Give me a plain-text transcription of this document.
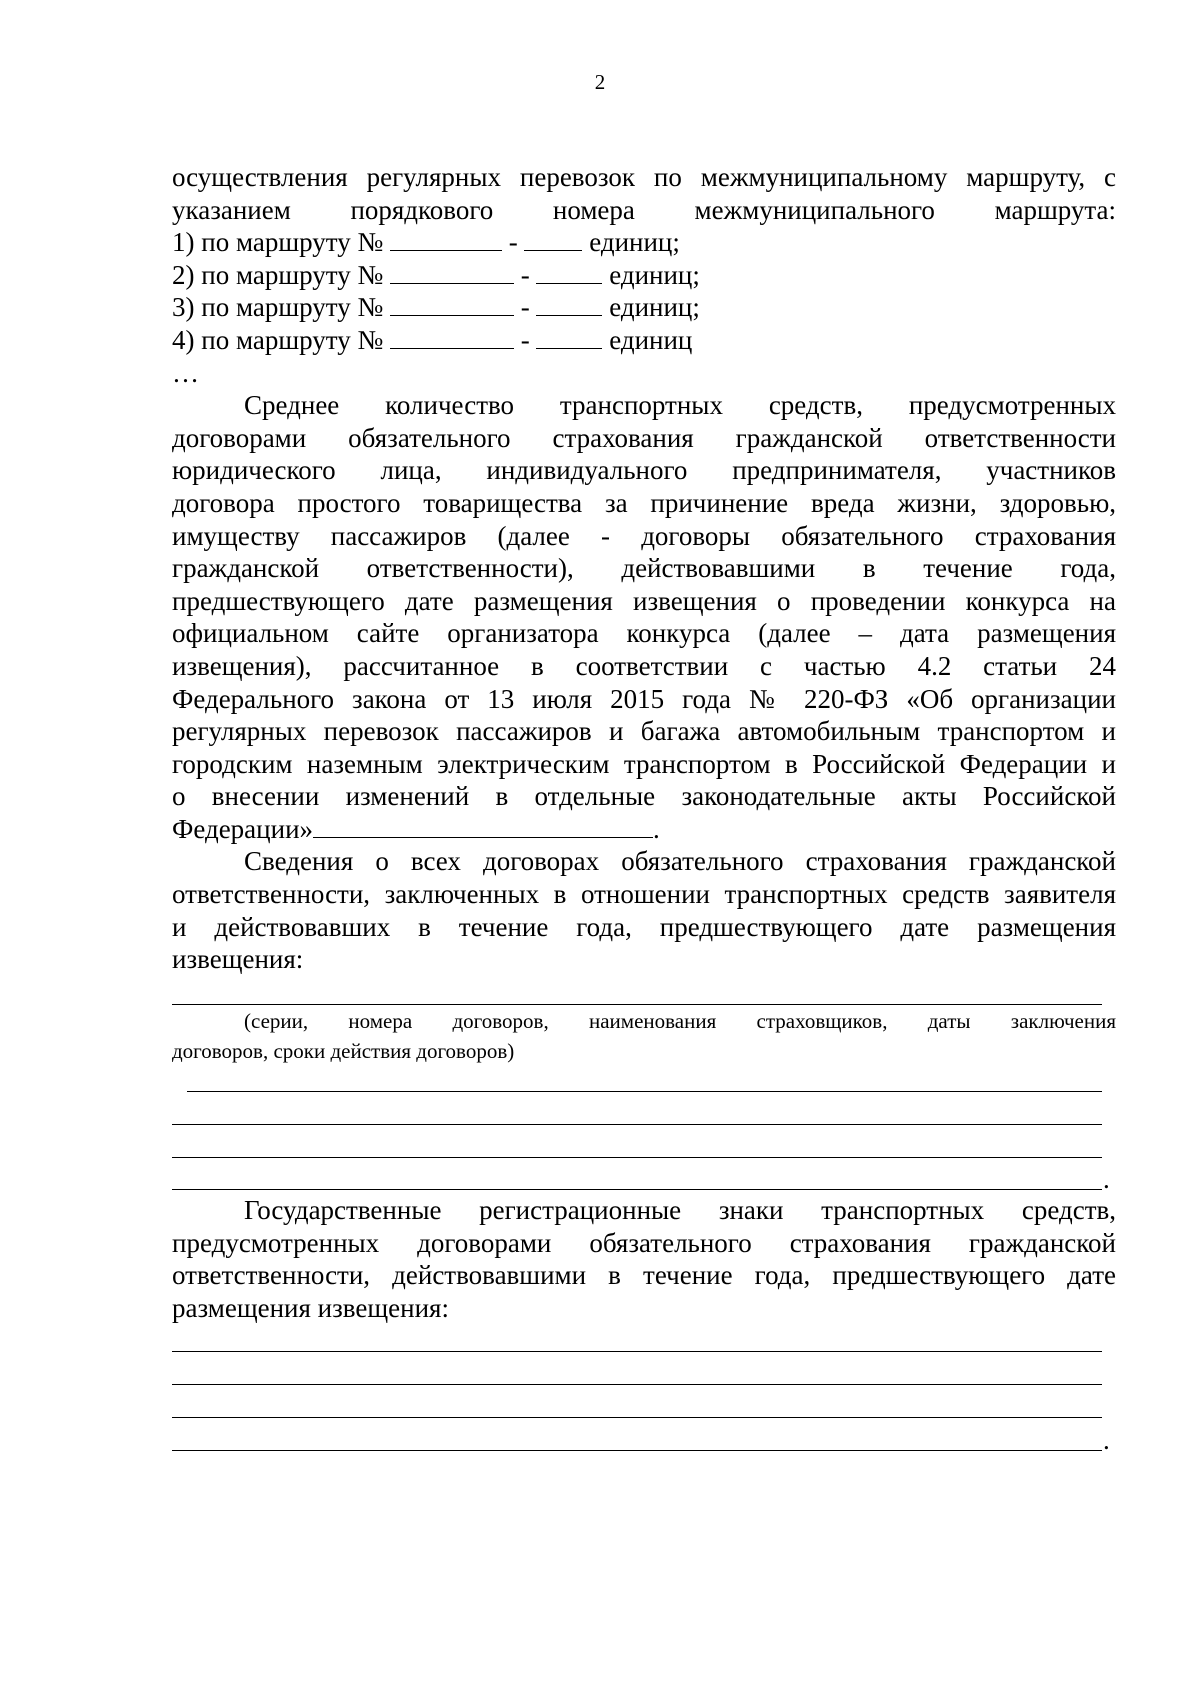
2
осуществления регулярных перевозок по межмуниципальному маршруту, с
указанием порядкового номера межмуниципального маршрута:
1) по маршруту №	-	единиц;
2) по маршруту №	-	единиц;
3) по маршруту №	-	единиц;
4) по маршруту №	-	единиц
…
Среднее количество транспортных средств, предусмотренных
договорами обязательного страхования гражданской ответственности
юридического лица, индивидуального предпринимателя, участников
договора простого товарищества за причинение вреда жизни, здоровью,
имуществу пассажиров (далее - договоры обязательного страхования
гражданской ответственности), действовавшими в течение года,
предшествующего дате размещения извещения о проведении конкурса на
официальном сайте организатора конкурса (далее – дата размещения
извещения), рассчитанное в соответствии с частью 4.2 статьи 24
Федерального закона от 13 июля 2015 года № 220-ФЗ «Об организации
регулярных перевозок пассажиров и багажа автомобильным транспортом и
городским наземным электрическим транспортом в Российской Федерации и
о внесении изменений в отдельные законодательные акты Российской
Федерации»	.
Сведения о всех договорах обязательного страхования гражданской
ответственности, заключенных в отношении транспортных средств заявителя
и действовавших в течение года, предшествующего дате размещения
извещения:
(серии, номера договоров, наименования страховщиков, даты заключения
договоров, сроки действия договоров)
.
Государственные регистрационные знаки транспортных средств,
предусмотренных договорами обязательного страхования гражданской
ответственности, действовавшими в течение года, предшествующего дате
размещения извещения:
.
